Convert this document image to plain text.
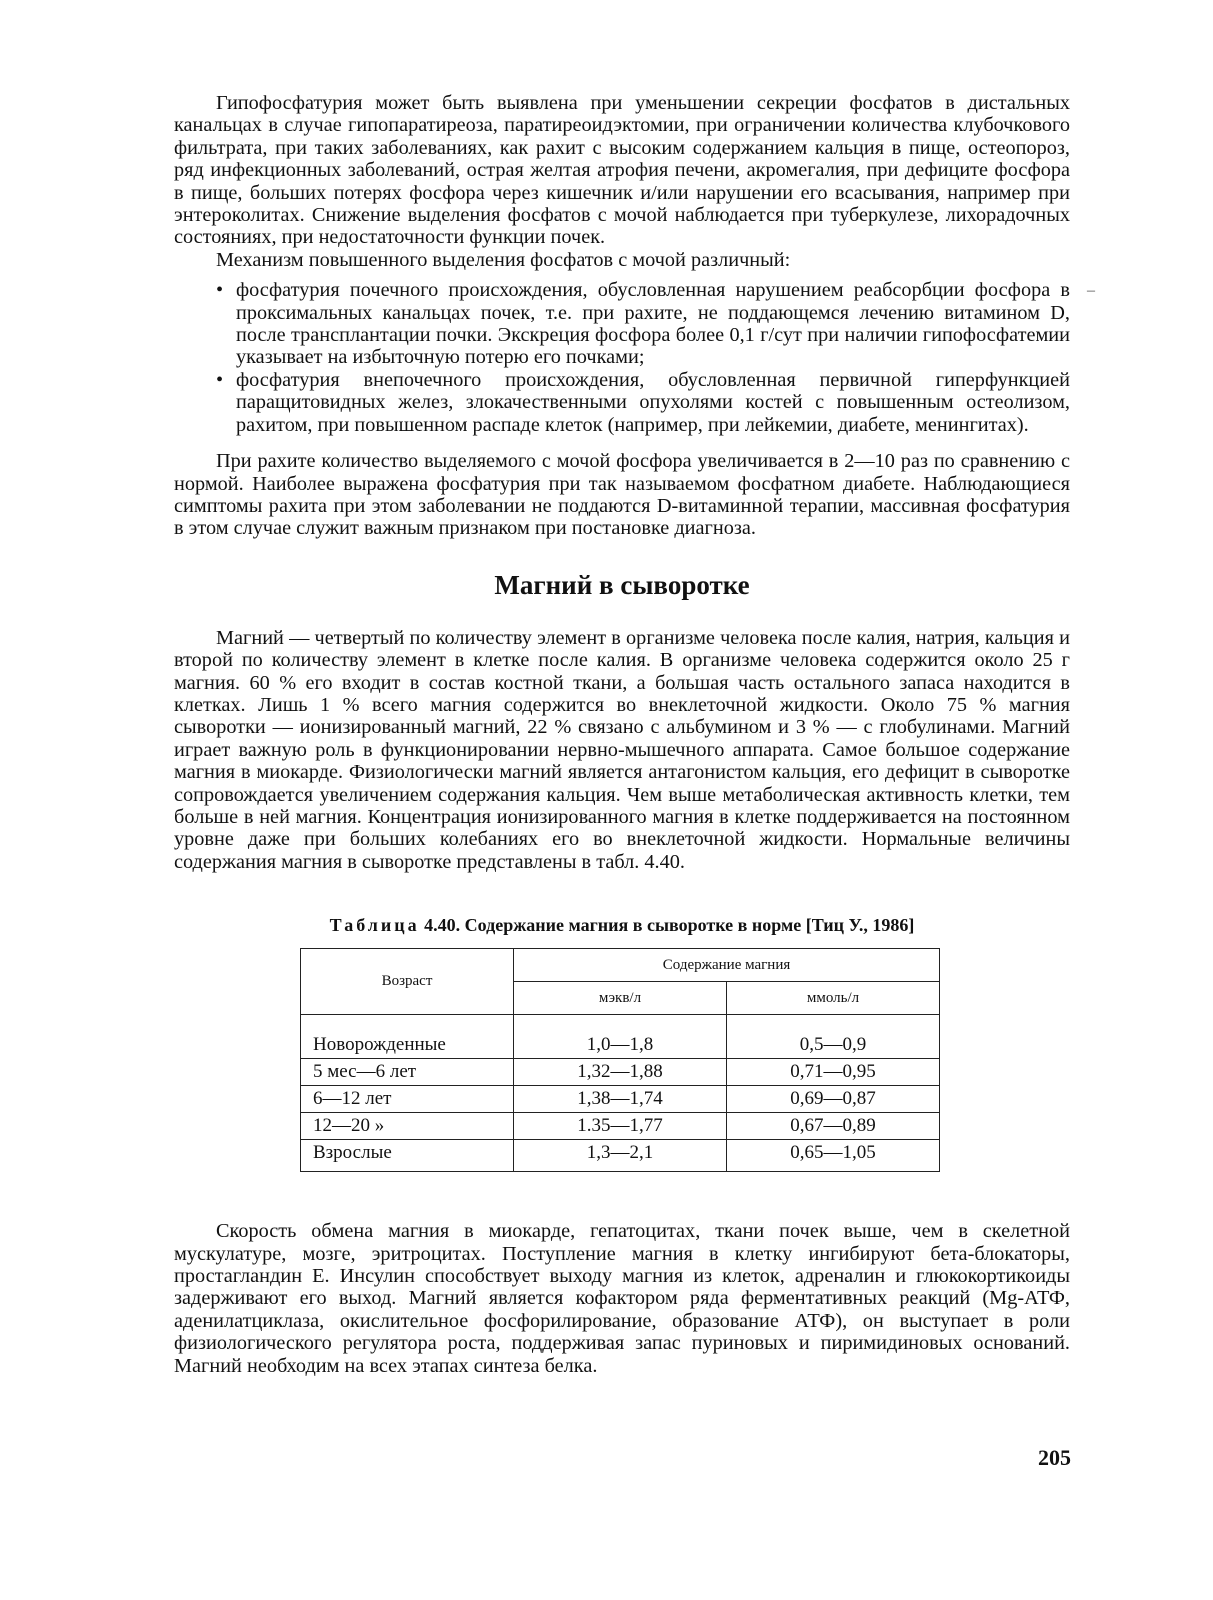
–

Гипофосфатурия может быть выявлена при уменьшении секреции фосфатов в дистальных канальцах в случае гипопаратиреоза, паратиреоидэктомии, при ограничении количества клубочкового фильтрата, при таких заболеваниях, как рахит с высоким содержанием кальция в пище, остеопороз, ряд инфекционных заболеваний, острая желтая атрофия печени, акромегалия, при дефиците фосфора в пище, больших потерях фосфора через кишечник и/или нарушении его всасывания, например при энтероколитах. Снижение выделения фосфатов с мочой наблюдается при туберкулезе, лихорадочных состояниях, при недостаточности функции почек.

Механизм повышенного выделения фосфатов с мочой различный:

• фосфатурия почечного происхождения, обусловленная нарушением реабсорбции фосфора в проксимальных канальцах почек, т.е. при рахите, не поддающемся лечению витамином D, после трансплантации почки. Экскреция фосфора более 0,1 г/сут при наличии гипофосфатемии указывает на избыточную потерю его почками;
• фосфатурия внепочечного происхождения, обусловленная первичной гиперфункцией паращитовидных желез, злокачественными опухолями костей с повышенным остеолизом, рахитом, при повышенном распаде клеток (например, при лейкемии, диабете, менингитах).

При рахите количество выделяемого с мочой фосфора увеличивается в 2—10 раз по сравнению с нормой. Наиболее выражена фосфатурия при так называемом фосфатном диабете. Наблюдающиеся симптомы рахита при этом заболевании не поддаются D-витаминной терапии, массивная фосфатурия в этом случае служит важным признаком при постановке диагноза.

Магний в сыворотке

Магний — четвертый по количеству элемент в организме человека после калия, натрия, кальция и второй по количеству элемент в клетке после калия. В организме человека содержится около 25 г магния. 60 % его входит в состав костной ткани, а большая часть остального запаса находится в клетках. Лишь 1 % всего магния содержится во внеклеточной жидкости. Около 75 % магния сыворотки — ионизированный магний, 22 % связано с альбумином и 3 % — с глобулинами. Магний играет важную роль в функционировании нервно-мышечного аппарата. Самое большое содержание магния в миокарде. Физиологически магний является антагонистом кальция, его дефицит в сыворотке сопровождается увеличением содержания кальция. Чем выше метаболическая активность клетки, тем больше в ней магния. Концентрация ионизированного магния в клетке поддерживается на постоянном уровне даже при больших колебаниях его во внеклеточной жидкости. Нормальные величины содержания магния в сыворотке представлены в табл. 4.40.

Таблица 4.40. Содержание магния в сыворотке в норме [Тиц У., 1986]
Возраст	Содержание магния	
	мэкв/л	ммоль/л
Новорожденные	1,0—1,8	0,5—0,9
5 мес—6 лет	1,32—1,88	0,71—0,95
6—12 лет	1,38—1,74	0,69—0,87
12—20 »	1.35—1,77	0,67—0,89
Взрослые	1,3—2,1	0,65—1,05

Скорость обмена магния в миокарде, гепатоцитах, ткани почек выше, чем в скелетной мускулатуре, мозге, эритроцитах. Поступление магния в клетку ингибируют бета-блокаторы, простагландин Е. Инсулин способствует выходу магния из клеток, адреналин и глюкокортикоиды задерживают его выход. Магний является кофактором ряда ферментативных реакций (Mg-АТФ, аденилатциклаза, окислительное фосфорилирование, образование АТФ), он выступает в роли физиологического регулятора роста, поддерживая запас пуриновых и пиримидиновых оснований. Магний необходим на всех этапах синтеза белка.

205
